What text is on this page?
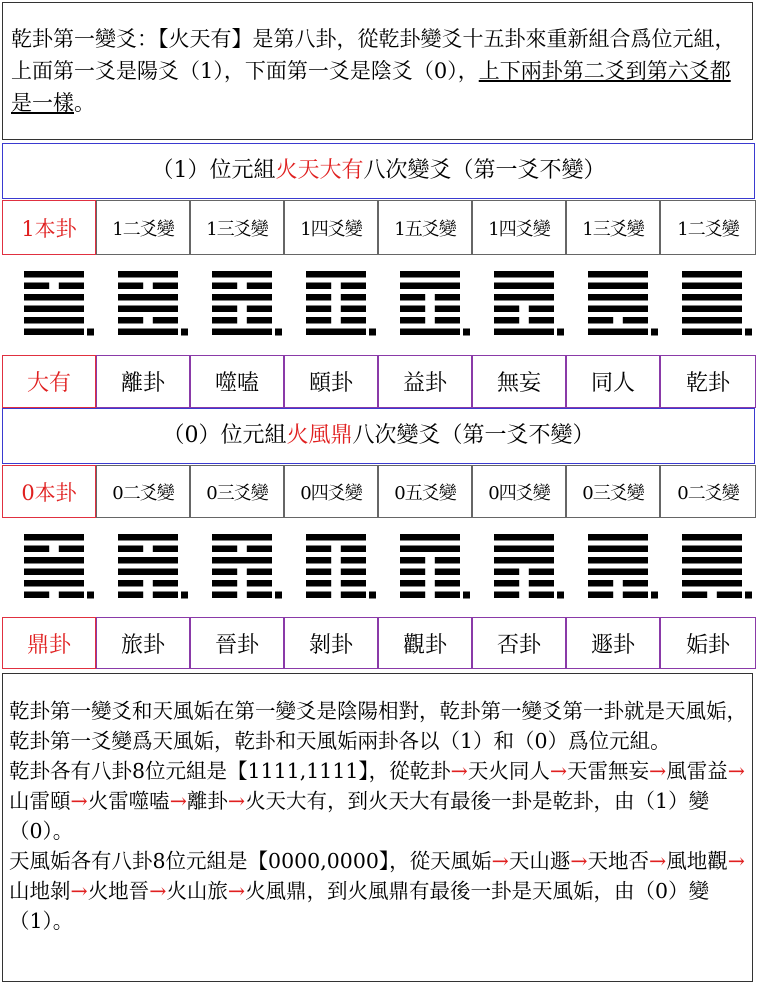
乾卦第一變爻：【火天有】是第八卦，從乾卦變爻十五卦來重新組合爲位元組，上面第一爻是陽爻（1），下面第一爻是陰爻（0），上下兩卦第二爻到第六爻都是一樣。
（1）位元組火天大有八次變爻（第一爻不變）
1本卦	1二爻變	1三爻變	1四爻變	1五爻變	1四爻變	1三爻變	1二爻變
大有	離卦	噬嗑	頤卦	益卦	無妄	同人	乾卦
（0）位元組火風鼎八次變爻（第一爻不變）
0本卦	0二爻變	0三爻變	0四爻變	0五爻變	0四爻變	0三爻變	0二爻變
鼎卦	旅卦	晉卦	剝卦	觀卦	否卦	遯卦	姤卦

乾卦第一變爻和天風姤在第一變爻是陰陽相對，乾卦第一變爻第一卦就是天風姤，乾卦第一爻變爲天風姤，乾卦和天風姤兩卦各以（1）和（0）爲位元組。

乾卦各有八卦8位元組是【1111,1111】，從乾卦→天火同人→天雷無妄→風雷益→山雷頤→火雷噬嗑→離卦→火天大有，到火天大有最後一卦是乾卦，由（1）變（0）。

天風姤各有八卦8位元組是【0000,0000】，從天風姤→天山遯→天地否→風地觀→山地剝→火地晉→火山旅→火風鼎，到火風鼎有最後一卦是天風姤，由（0）變（1）。
